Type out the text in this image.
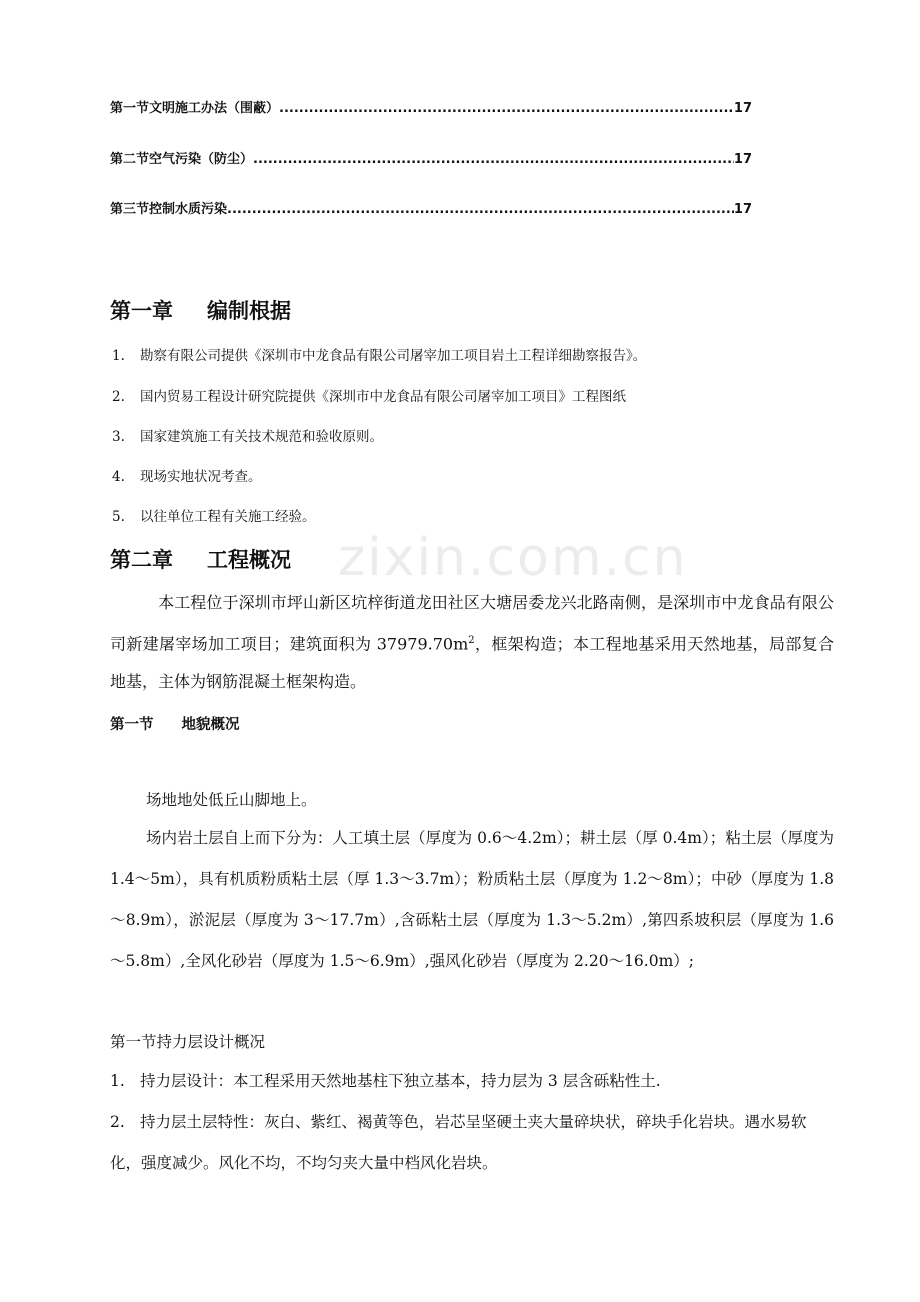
第一节 文明施工办法（围蔽） .....	17
第二节 空气污染（防尘） .....	17
第三节 控制水质污染 .....	17
zixin.com.cn
第一章 编制根据
1. 勘察有限公司提供《深圳市中龙食品有限公司屠宰加工项目岩土工程详细勘察报告》。
2. 国内贸易工程设计研究院提供《深圳市中龙食品有限公司屠宰加工项目》工程图纸
3. 国家建筑施工有关技术规范和验收原则。
4. 现场实地状况考查。
5. 以往单位工程有关施工经验。
第二章 工程概况
本工程位于深圳市坪山新区坑梓街道龙田社区大塘居委龙兴北路南侧，是深圳市中龙食品有限公司新建屠宰场加工项目；建筑面积为 $37979.70m^2$，框架构造；本工程地基采用天然地基，局部复合地基，主体为钢筋混凝土框架构造。
第一节 地貌概况
场地地处低丘山脚地上。
场内岩土层自上而下分为：人工填土层（厚度为 0.6～4.2m）；耕土层（厚 0.4m）；粘土层（厚度为 1.4～5m），具有机质粉质粘土层（厚 1.3～3.7m）；粉质粘土层（厚度为 1.2～8m）；中砂（厚度为 1.8～8.9m），淤泥层（厚度为 3～17.7m）,含砾粘土层（厚度为 1.3～5.2m）,第四系坡积层（厚度为 1.6～5.8m）,全风化砂岩（厚度为 1.5～6.9m）,强风化砂岩（厚度为 2.20～16.0m）;
第一节持力层设计概况
1. 持力层设计：本工程采用天然地基柱下独立基本，持力层为 3 层含砾粘性土.
2. 持力层土层特性：灰白、紫红、褐黄等色，岩芯呈坚硬土夹大量碎块状，碎块手化岩块。遇水易软化，强度减少。风化不均，不均匀夹大量中档风化岩块。
